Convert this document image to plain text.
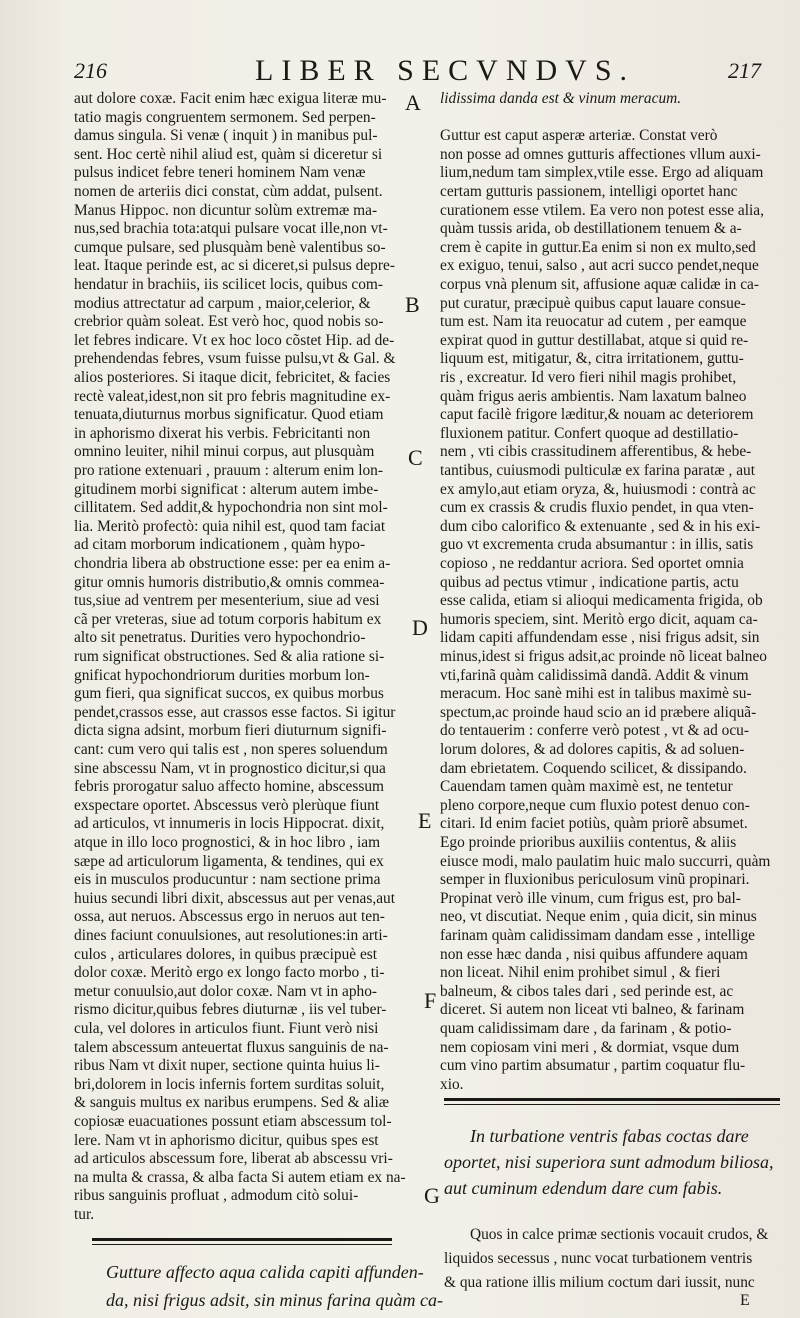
216	LIBER SECVNDVS.	217
aut dolore coxæ. Facit enim hæc exigua literæ mu-
tatio magis congruentem sermonem. Sed perpen-
damus singula. Si venæ ( inquit ) in manibus pul-
sent. Hoc certè nihil aliud est, quàm si diceretur si
pulsus indicet febre teneri hominem Nam venæ
nomen de arteriis dici constat, cùm addat, pulsent.
Manus Hippoc. non dicuntur solùm extremæ ma-
nus,sed brachia tota:atqui pulsare vocat ille,non vt-
cumque pulsare, sed plusquàm benè valentibus so-
leat. Itaque perinde est, ac si diceret,si pulsus depre-
hendatur in brachiis, iis scilicet locis, quibus com-
modius attrectatur ad carpum , maior,celerior, &
crebrior quàm soleat. Est verò hoc, quod nobis so-
let febres indicare. Vt ex hoc loco cõstet Hip. ad de-
prehendendas febres, vsum fuisse pulsu,vt & Gal. &
alios posteriores. Si itaque dicit, febricitet, & facies
rectè valeat,idest,non sit pro febris magnitudine ex-
tenuata,diuturnus morbus significatur. Quod etiam
in aphorismo dixerat his verbis. Febricitanti non
omnino leuiter, nihil minui corpus, aut plusquàm
pro ratione extenuari , prauum : alterum enim lon-
gitudinem morbi significat : alterum autem imbe-
cillitatem. Sed addit,& hypochondria non sint mol-
lia. Meritò profectò: quia nihil est, quod tam faciat
ad citam morborum indicationem , quàm hypo-
chondria libera ab obstructione esse: per ea enim a-
gitur omnis humoris distributio,& omnis commea-
tus,siue ad ventrem per mesenterium, siue ad vesi
cã per vreteras, siue ad totum corporis habitum ex
alto sit penetratus. Durities vero hypochondrio-
rum significat obstructiones. Sed & alia ratione si-
gnificat hypochondriorum durities morbum lon-
gum fieri, qua significat succos, ex quibus morbus
pendet,crassos esse, aut crassos esse factos. Si igitur
dicta signa adsint, morbum fieri diuturnum signifi-
cant: cum vero qui talis est , non speres soluendum
sine abscessu Nam, vt in prognostico dicitur,si qua
febris prorogatur saluo affecto homine, abscessum
exspectare oportet. Abscessus verò plerùque fiunt
ad articulos, vt innumeris in locis Hippocrat. dixit,
atque in illo loco prognostici, & in hoc libro , iam
sæpe ad articulorum ligamenta, & tendines, qui ex
eis in musculos producuntur : nam sectione prima
huius secundi libri dixit, abscessus aut per venas,aut
ossa, aut neruos. Abscessus ergo in neruos aut ten-
dines faciunt conuulsiones, aut resolutiones:in arti-
culos , articulares dolores, in quibus præcipuè est
dolor coxæ. Meritò ergo ex longo facto morbo , ti-
metur conuulsio,aut dolor coxæ. Nam vt in apho-
rismo dicitur,quibus febres diuturnæ , iis vel tuber-
cula, vel dolores in articulos fiunt. Fiunt verò nisi
talem abscessum anteuertat fluxus sanguinis de na-
ribus Nam vt dixit nuper, sectione quinta huius li-
bri,dolorem in locis infernis fortem surditas soluit,
& sanguis multus ex naribus erumpens. Sed & aliæ
copiosæ euacuationes possunt etiam abscessum tol-
lere. Nam vt in aphorismo dicitur, quibus spes est
ad articulos abscessum fore, liberat ab abscessu vri-
na multa & crassa, & alba facta Si autem etiam ex na-
ribus sanguinis profluat , admodum citò solui-
tur.
Gutture affecto aqua calida capiti affunden-
da, nisi frigus adsit, sin minus farina quàm ca-
A
B
C
D
E
F
G
lidissima danda est & vinum meracum.
Guttur est caput asperæ arteriæ. Constat verò
non posse ad omnes gutturis affectiones vllum auxi-
lium,nedum tam simplex,vtile esse. Ergo ad aliquam
certam gutturis passionem, intelligi oportet hanc
curationem esse vtilem. Ea vero non potest esse alia,
quàm tussis arida, ob destillationem tenuem & a-
crem è capite in guttur.Ea enim si non ex multo,sed
ex exiguo, tenui, salso , aut acri succo pendet,neque
corpus vnà plenum sit, affusione aquæ calidæ in ca-
put curatur, præcipuè quibus caput lauare consue-
tum est. Nam ita reuocatur ad cutem , per eamque
expirat quod in guttur destillabat, atque si quid re-
liquum est, mitigatur, &, citra irritationem, guttu-
ris , excreatur. Id vero fieri nihil magis prohibet,
quàm frigus aeris ambientis. Nam laxatum balneo
caput facilè frigore læditur,& nouam ac deteriorem
fluxionem patitur. Confert quoque ad destillatio-
nem , vti cibis crassitudinem afferentibus, & hebe-
tantibus, cuiusmodi pulticulæ ex farina paratæ , aut
ex amylo,aut etiam oryza, &, huiusmodi : contrà ac
cum ex crassis & crudis fluxio pendet, in qua vten-
dum cibo calorifico & extenuante , sed & in his exi-
guo vt excrementa cruda absumantur : in illis, satis
copioso , ne reddantur acriora. Sed oportet omnia
quibus ad pectus vtimur , indicatione partis, actu
esse calida, etiam si alioqui medicamenta frigida, ob
humoris speciem, sint. Meritò ergo dicit, aquam ca-
lidam capiti affundendam esse , nisi frigus adsit, sin
minus,idest si frigus adsit,ac proinde nõ liceat balneo
vti,farinã quàm calidissimã dandã. Addit & vinum
meracum. Hoc sanè mihi est in talibus maximè su-
spectum,ac proinde haud scio an id præbere aliquã-
do tentauerim : conferre verò potest , vt & ad ocu-
lorum dolores, & ad dolores capitis, & ad soluen-
dam ebrietatem. Coquendo scilicet, & dissipando.
Cauendam tamen quàm maximè est, ne tentetur
pleno corpore,neque cum fluxio potest denuo con-
citari. Id enim faciet potiùs, quàm priorẽ absumet.
Ego proinde prioribus auxiliis contentus, & aliis
eiusce modi, malo paulatim huic malo succurri, quàm
semper in fluxionibus periculosum vinũ propinari.
Propinat verò ille vinum, cum frigus est, pro bal-
neo, vt discutiat. Neque enim , quia dicit, sin minus
farinam quàm calidissimam dandam esse , intellige
non esse hæc danda , nisi quibus affundere aquam
non liceat. Nihil enim prohibet simul , & fieri
balneum, & cibos tales dari , sed perinde est, ac
diceret. Si autem non liceat vti balneo, & farinam
quam calidissimam dare , da farinam , & potio-
nem copiosam vini meri , & dormiat, vsque dum
cum vino partim absumatur , partim coquatur flu-
xio.
In turbatione ventris fabas coctas dare
oportet, nisi superiora sunt admodum biliosa,
aut cuminum edendum dare cum fabis.
Quos in calce primæ sectionis vocauit crudos, &
liquidos secessus , nunc vocat turbationem ventris
& qua ratione illis milium coctum dari iussit, nunc
E
